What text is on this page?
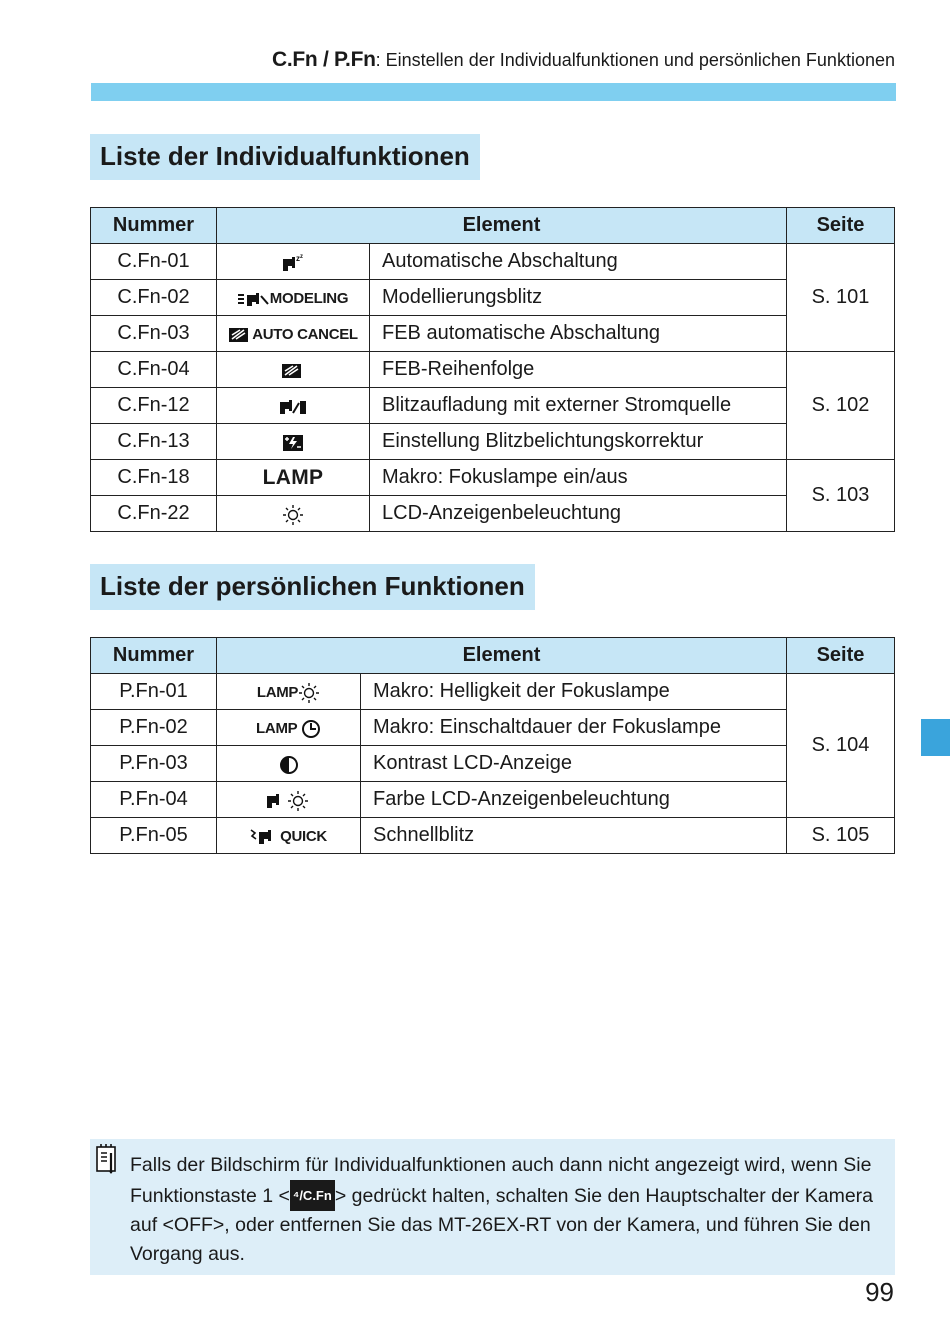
C.Fn / P.Fn: Einstellen der Individualfunktionen und persönlichen Funktionen
Liste der Individualfunktionen
Nummer	Element		Seite
C.Fn-01	z z	Automatische Abschaltung	S. 101
C.Fn-02	MODELING	Modellierungsblitz	
C.Fn-03	AUTO CANCEL	FEB automatische Abschaltung	
C.Fn-04		FEB-Reihenfolge	S. 102
C.Fn-12		Blitzaufladung mit externer Stromquelle	
C.Fn-13		Einstellung Blitzbelichtungskorrektur	
C.Fn-18	LAMP	Makro: Fokuslampe ein/aus	S. 103
C.Fn-22		LCD-Anzeigenbeleuchtung	
Liste der persönlichen Funktionen
Nummer	Element		Seite
P.Fn-01	LAMP	Makro: Helligkeit der Fokuslampe	S. 104
P.Fn-02	LAMP	Makro: Einschaltdauer der Fokuslampe	
P.Fn-03		Kontrast LCD-Anzeige	
P.Fn-04		Farbe LCD-Anzeigenbeleuchtung	
P.Fn-05	QUICK	Schnellblitz	S. 105
Falls der Bildschirm für Individualfunktionen auch dann nicht angezeigt wird, wenn Sie Funktionstaste 1 < ⁴/C.Fn > gedrückt halten, schalten Sie den Hauptschalter der Kamera auf <OFF>, oder entfernen Sie das MT-26EX-RT von der Kamera, und führen Sie den Vorgang aus.
99
